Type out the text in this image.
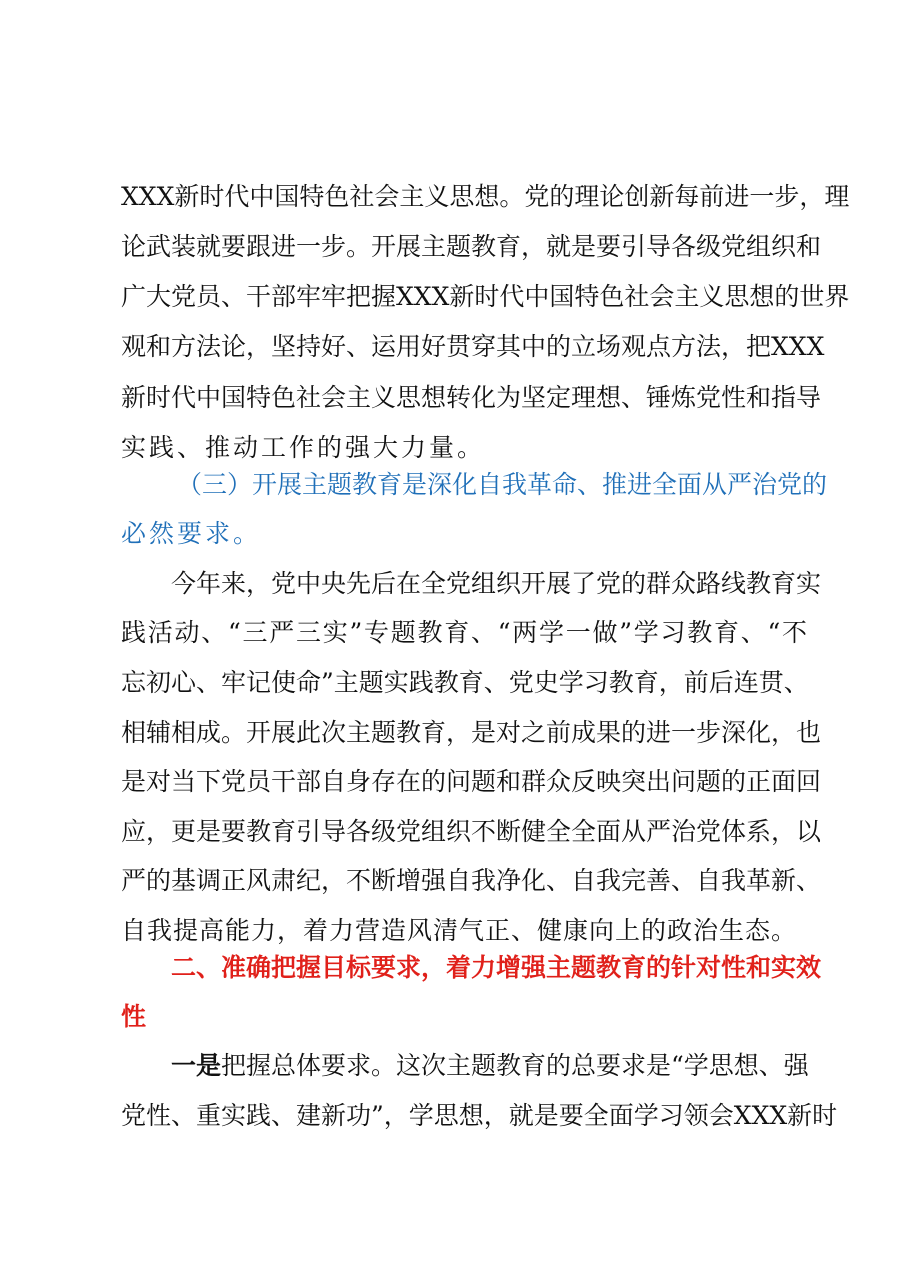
XXX新时代中国特色社会主义思想。党的理论创新每前进一步，理
论武装就要跟进一步。开展主题教育，就是要引导各级党组织和
广大党员、干部牢牢把握XXX新时代中国特色社会主义思想的世界
观和方法论，坚持好、运用好贯穿其中的立场观点方法，把XXX
新时代中国特色社会主义思想转化为坚定理想、锤炼党性和指导
实践、推动工作的强大力量。
（三）开展主题教育是深化自我革命、推进全面从严治党的
必然要求。
今年来，党中央先后在全党组织开展了党的群众路线教育实
践活动、“三严三实”专题教育、“两学一做”学习教育、“不
忘初心、牢记使命”主题实践教育、党史学习教育，前后连贯、
相辅相成。开展此次主题教育，是对之前成果的进一步深化，也
是对当下党员干部自身存在的问题和群众反映突出问题的正面回
应，更是要教育引导各级党组织不断健全全面从严治党体系，以
严的基调正风肃纪，不断增强自我净化、自我完善、自我革新、
自我提高能力，着力营造风清气正、健康向上的政治生态。
二、准确把握目标要求，着力增强主题教育的针对性和实效
性
一是把握总体要求。这次主题教育的总要求是“学思想、强
党性、重实践、建新功”，学思想，就是要全面学习领会XXX新时
